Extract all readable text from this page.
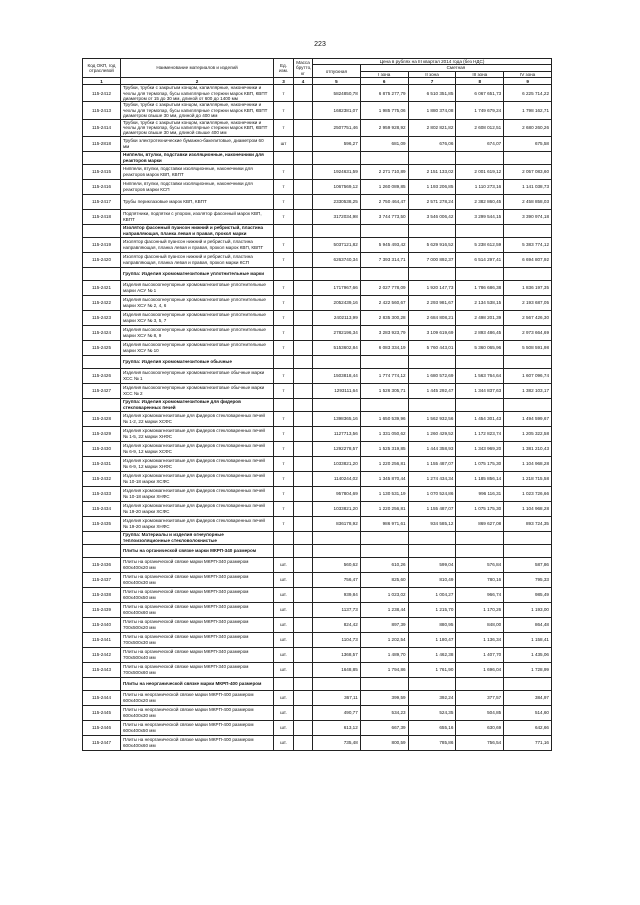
223
Код ОКП, год отраслевой	Наименование материалов и изделий	Ед. изм.	Масса брутто, кг	Цена в рублях на III квартал 2014 года (без НДС)				
				отпускная	Сметная			
					I зона	II зона	III зона	IV зона
1	2	3	4	5	6	7	8	9
115-2412	Трубки, трубки с закрытым концом, капиллярные, наконечники и чехлы для термопар, бусы капиллярные стержни марок КВП, КВПТ диаметром от 15 до 30 мм, длиной от 600 до 1400 мм	т		5824850,78	6 875 277,79	6 510 351,85	6 067 651,73	6 225 714,22
115-2413	Трубки, трубки с закрытым концом, капиллярные, наконечники и чехлы для термопар, бусы капиллярные стержни марок КВП, КВПТ диаметром свыше 30 мм, длиной до 400 мм	т		1682381,07	1 985 775,06	1 880 374,08	1 749 679,24	1 798 162,71
115-2414	Трубки, трубки с закрытым концом, капиллярные, наконечники и чехлы для термопар, бусы капиллярные стержни марок КВП, КВПТ диаметром свыше 30 мм, длиной свыше 400 мм	т		2507751,46	2 959 928,92	2 802 821,82	2 608 012,51	2 680 260,26
115-2818	Трубки электротехнические бумажно-бакелитовые, диаметром 60 мм	шт		596,27	681,09	676,06	674,07	675,58
	Ниппели, втулки, подставки изоляционные, наконечники для реакторов марки							
115-2415	Ниппели, втулки, подставки изоляционные, наконечники для реакторов марок КВП, КВПТ	т		1924631,59	2 271 710,89	2 151 133,02	2 001 619,12	2 057 083,60
115-2416	Ниппели, втулки, подставки изоляционные, наконечники для реакторов марки КСП	т		1067569,12	1 260 089,85	1 193 206,85	1 110 273,16	1 141 038,73
115-2417	Трубы периклазовые марок КВП, КВПТ	т		2330538,25	2 750 464,47	2 571 278,24	2 382 860,45	2 458 858,03
115-2418	Подпятники, подпятки с упором, изолятор фасонный марок КВП, КВПТ	т		3172034,98	3 744 773,50	3 546 006,42	3 299 544,15	3 390 974,18
	Изолятор фасонный пуансон нижний и ребристый, пластина направляющая, планка левая и правая, прокол марки							
115-2419	Изолятор фасонный пуансон нижний и ребристый, пластина направляющая, планка левая и правая, прокол марок КВП, КВПТ	т		5037121,82	5 945 493,42	5 629 916,52	5 238 612,59	5 383 774,12
115-2420	Изолятор фасонный пуансон нижний и ребристый, пластина направляющая, планка левая и правая, прокол марки КСП	т		6263740,34	7 393 314,71	7 000 892,37	6 514 297,41	6 694 807,92
	Группа: Изделия хромомагнезитовые уплотнительные марки							
115-2421	Изделия высокоогнеупорные хромомагнезитовые уплотнительные марки АСУ № 1	т		1717967,66	2 027 778,09	1 920 147,73	1 786 686,38	1 836 197,35
115-2422	Изделия высокоогнеупорные хромомагнезитовые уплотнительные марки ХСУ № 2, 4, 6	т		2052439,16	2 422 560,67	2 293 981,67	2 134 538,15	2 193 687,05
115-2423	Изделия высокоогнеупорные хромомагнезитовые уплотнительные марки ХСУ № 3, 5, 7	т		2402113,99	2 835 300,28	2 684 808,21	2 498 201,39	2 567 426,30
115-2424	Изделия высокоогнеупорные хромомагнезитовые уплотнительные марки ХСУ № 8, 9	т		2782196,34	3 283 923,79	3 109 619,69	2 893 486,45	2 973 664,69
115-2425	Изделия высокоогнеупорные хромомагнезитовые уплотнительные марки ХСУ № 10	т		5153602,84	6 083 334,19	5 760 443,01	5 360 065,96	5 508 591,98
	Группа: Изделия хромомагнезитовые обычные							
115-2426	Изделия высокоогнеупорные хромомагнезитовые обычные марки ХСС № 1	т		1503818,44	1 774 774,12	1 680 572,69	1 563 764,64	1 607 096,74
115-2427	Изделия высокоогнеупорные хромомагнезитовые обычные марки ХСС № 2	т		1293111,64	1 526 305,71	1 445 292,47	1 344 837,63	1 382 103,17
	Группа: Изделия хромомагнезитовые для фидеров стекловаренных печей							
115-2428	Изделия хромомагнезитовые для фидеров стекловаренных печей № 1-2, 22 марки ХСФС	т		1398365,16	1 650 539,96	1 562 932,56	1 454 301,43	1 494 599,67
115-2429	Изделия хромомагнезитовые для фидеров стекловаренных печей № 1-5, 22 марки ХНФС	т		1127713,56	1 331 050,62	1 260 429,52	1 172 823,74	1 205 322,58
115-2430	Изделия хромомагнезитовые для фидеров стекловаренных печей № 6-9, 12 марки ХСФС	т		1292278,57	1 525 319,85	1 444 358,93	1 343 969,20	1 381 210,43
115-2431	Изделия хромомагнезитовые для фидеров стекловаренных печей № 6-9, 12 марки ХНФС	т		1033821,20	1 220 256,81	1 155 487,07	1 075 175,30	1 104 968,28
115-2432	Изделия хромомагнезитовые для фидеров стекловаренных печей № 10-18 марки ХСФС	т		1140244,02	1 345 870,44	1 274 434,34	1 185 856,14	1 218 715,58
115-2433	Изделия хромомагнезитовые для фидеров стекловаренных печей № 10-18 марки ХНФС	т		957804,69	1 130 531,19	1 070 524,86	996 116,31	1 023 726,66
115-2434	Изделия хромомагнезитовые для фидеров стекловаренных печей № 19-20 марки ХСФС	т		1033821,20	1 220 256,81	1 155 487,07	1 075 175,30	1 104 968,28
115-2435	Изделия хромомагнезитовые для фидеров стекловаренных печей № 19-20 марки ХНФС	т		836178,92	986 971,61	934 585,12	869 627,08	893 724,35
	Группа: Материалы и изделия огнеупорные теплоизоляционные стекловолокнистые							
	Плиты на органической связке марки МКРП-340 размером							
115-2436	Плиты на органической связке марки МКРП-340 размером 600х400х20 мм	шт.		560,62	610,26	599,04	576,84	587,86
115-2437	Плиты на органической связке марки МКРП-340 размером 600х400х30 мм	шт.		756,47	825,60	810,49	780,16	795,33
115-2438	Плиты на органической связке марки МКРП-340 размером 600х400х50 мм	шт.		939,84	1 023,02	1 004,27	966,74	985,49
115-2439	Плиты на органической связке марки МКРП-340 размером 600х400х60 мм	шт.		1137,73	1 238,44	1 215,70	1 170,26	1 193,00
115-2440	Плиты на органической связке марки МКРП-340 размером 700х500х20 мм	шт.		824,42	897,39	880,95	848,00	864,48
115-2441	Плиты на органической связке марки МКРП-340 размером 700х500х30 мм	шт.		1104,73	1 202,54	1 180,47	1 136,34	1 158,41
115-2442	Плиты на органической связке марки МКРП-340 размером 700х500х40 мм	шт.		1368,57	1 489,70	1 462,38	1 407,70	1 435,06
115-2443	Плиты на органической связке марки МКРП-340 размером 700х500х60 мм	шт.		1648,85	1 794,86	1 761,90	1 696,04	1 728,99
	Плиты на неорганической связке марки МКРП-400 размером							
115-2444	Плиты на неорганической связке марки МКРП-400 размером 600х400х20 мм	шт.		367,11	399,59	392,24	377,57	384,97
115-2445	Плиты на неорганической связке марки МКРП-400 размером 600х400х30 мм	шт.		490,77	534,23	524,35	504,85	514,60
115-2446	Плиты на неорганической связке марки МКРП-400 размером 600х400х50 мм	шт.		613,12	667,39	655,16	630,69	642,66
115-2447	Плиты на неорганической связке марки МКРП-400 размером 600х400х60 мм	шт.		735,48	800,59	785,86	756,54	771,16
